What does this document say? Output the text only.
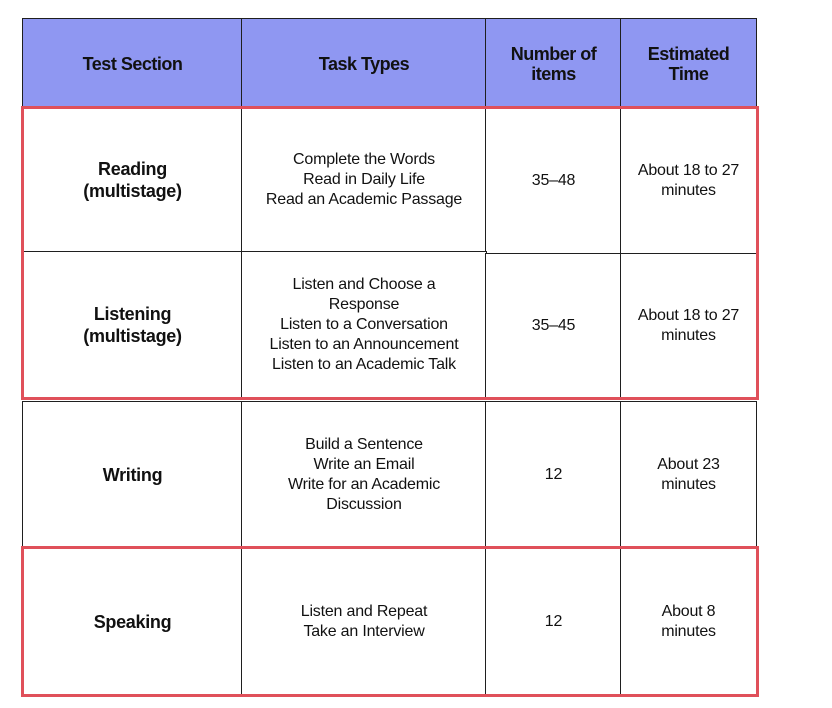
Test Section	Task Types	Number of
items
Estimated
Time
Reading
(multistage)
Complete the Words
Read in Daily Life
Read an Academic Passage
35–48
About 18 to 27
minutes
Listening
(multistage)
Listen and Choose a
Response
Listen to a Conversation
Listen to an Announcement
Listen to an Academic Talk
35–45
About 18 to 27
minutes
Writing
Build a Sentence
Write an Email
Write for an Academic
Discussion
12
About 23
minutes
Speaking
Listen and Repeat
Take an Interview
12
About 8
minutes
